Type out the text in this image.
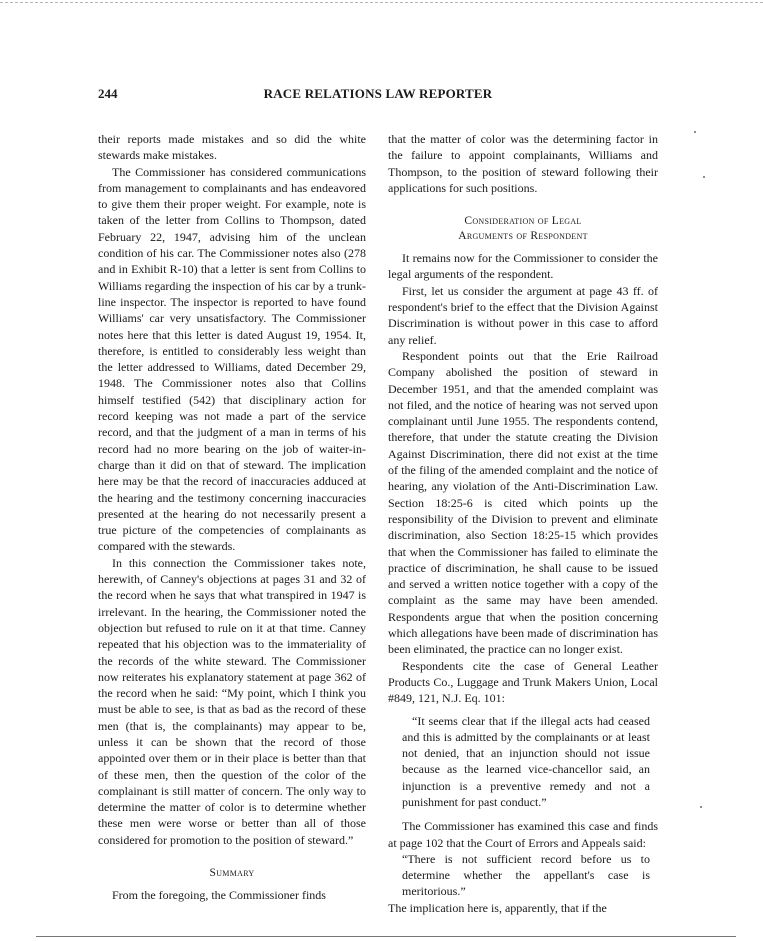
244	RACE RELATIONS LAW REPORTER

their reports made mistakes and so did the white stewards make mistakes.

The Commissioner has considered communications from management to complainants and has endeavored to give them their proper weight. For example, note is taken of the letter from Collins to Thompson, dated February 22, 1947, advising him of the unclean condition of his car. The Commissioner notes also (278 and in Exhibit R-10) that a letter is sent from Collins to Williams regarding the inspection of his car by a trunk-line inspector. The inspector is reported to have found Williams' car very unsatisfactory. The Commissioner notes here that this letter is dated August 19, 1954. It, therefore, is entitled to considerably less weight than the letter addressed to Williams, dated December 29, 1948. The Commissioner notes also that Collins himself testified (542) that disciplinary action for record keeping was not made a part of the service record, and that the judgment of a man in terms of his record had no more bearing on the job of waiter-in-charge than it did on that of steward. The implication here may be that the record of inaccuracies adduced at the hearing and the testimony concerning inaccuracies presented at the hearing do not necessarily present a true picture of the competencies of complainants as compared with the stewards.

In this connection the Commissioner takes note, herewith, of Canney's objections at pages 31 and 32 of the record when he says that what transpired in 1947 is irrelevant. In the hearing, the Commissioner noted the objection but refused to rule on it at that time. Canney repeated that his objection was to the immateriality of the records of the white steward. The Commissioner now reiterates his explanatory statement at page 362 of the record when he said: “My point, which I think you must be able to see, is that as bad as the record of these men (that is, the complainants) may appear to be, unless it can be shown that the record of those appointed over them or in their place is better than that of these men, then the question of the color of the complainant is still matter of concern. The only way to determine the matter of color is to determine whether these men were worse or better than all of those considered for promotion to the position of steward.”

Summary

From the foregoing, the Commissioner finds

that the matter of color was the determining factor in the failure to appoint complainants, Williams and Thompson, to the position of steward following their applications for such positions.

Consideration of Legal
Arguments of Respondent

It remains now for the Commissioner to consider the legal arguments of the respondent.

First, let us consider the argument at page 43 ff. of respondent's brief to the effect that the Division Against Discrimination is without power in this case to afford any relief.

Respondent points out that the Erie Railroad Company abolished the position of steward in December 1951, and that the amended complaint was not filed, and the notice of hearing was not served upon complainant until June 1955. The respondents contend, therefore, that under the statute creating the Division Against Discrimination, there did not exist at the time of the filing of the amended complaint and the notice of hearing, any violation of the Anti-Discrimination Law. Section 18:25-6 is cited which points up the responsibility of the Division to prevent and eliminate discrimination, also Section 18:25-15 which provides that when the Commissioner has failed to eliminate the practice of discrimination, he shall cause to be issued and served a written notice together with a copy of the complaint as the same may have been amended. Respondents argue that when the position concerning which allegations have been made of discrimination has been eliminated, the practice can no longer exist.

Respondents cite the case of General Leather Products Co., Luggage and Trunk Makers Union, Local #849, 121, N.J. Eq. 101:

“It seems clear that if the illegal acts had ceased and this is admitted by the complainants or at least not denied, that an injunction should not issue because as the learned vice-chancellor said, an injunction is a preventive remedy and not a punishment for past conduct.”

The Commissioner has examined this case and finds at page 102 that the Court of Errors and Appeals said:

“There is not sufficient record before us to determine whether the appellant's case is meritorious.”

The implication here is, apparently, that if the
